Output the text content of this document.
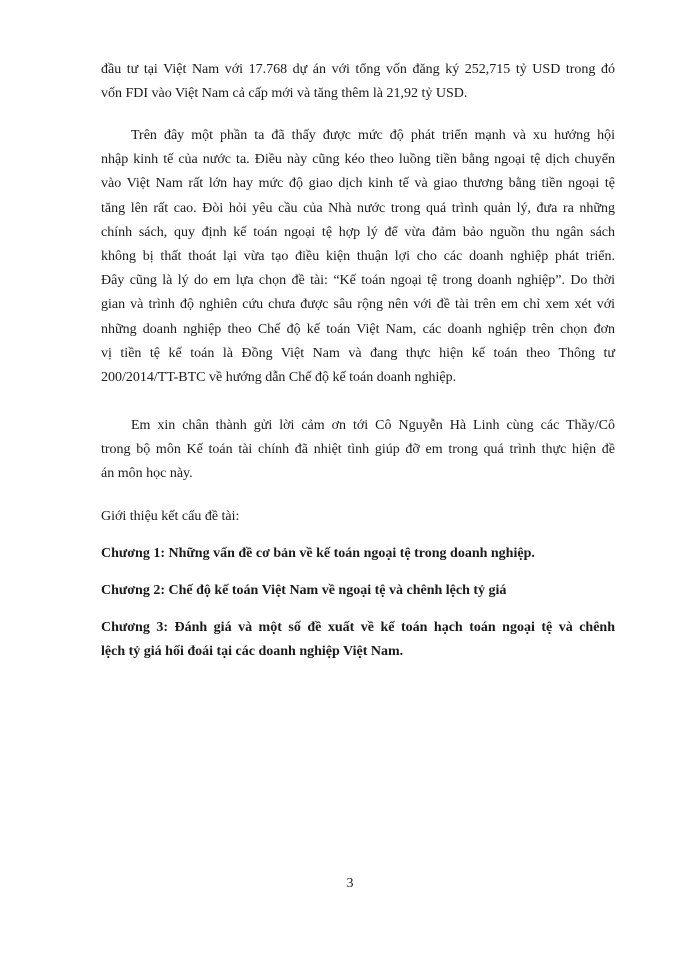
đầu tư tại Việt Nam với 17.768 dự án với tổng vốn đăng ký 252,715 tỷ USD trong đó
vốn FDI vào Việt Nam cả cấp mới và tăng thêm là 21,92 tỷ USD.
Trên đây một phần ta đã thấy được mức độ phát triển mạnh và xu hướng hội
nhập kinh tế của nước ta. Điều này cũng kéo theo luồng tiền bằng ngoại tệ dịch chuyển
vào Việt Nam rất lớn hay mức độ giao dịch kinh tế và giao thương bằng tiền ngoại tệ
tăng lên rất cao. Đòi hỏi yêu cầu của Nhà nước trong quá trình quản lý, đưa ra những
chính sách, quy định kế toán ngoại tệ hợp lý để vừa đảm bảo nguồn thu ngân sách
không bị thất thoát lại vừa tạo điều kiện thuận lợi cho các doanh nghiệp phát triển.
Đây cũng là lý do em lựa chọn đề tài: “Kế toán ngoại tệ trong doanh nghiệp”. Do thời
gian và trình độ nghiên cứu chưa được sâu rộng nên với đề tài trên em chỉ xem xét với
những doanh nghiệp theo Chế độ kế toán Việt Nam, các doanh nghiệp trên chọn đơn
vị tiền tệ kế toán là Đồng Việt Nam và đang thực hiện kế toán theo Thông tư
200/2014/TT-BTC về hướng dẫn Chế độ kế toán doanh nghiệp.
Em xin chân thành gửi lời cảm ơn tới Cô Nguyễn Hà Linh cùng các Thầy/Cô
trong bộ môn Kế toán tài chính đã nhiệt tình giúp đỡ em trong quá trình thực hiện đề
án môn học này.
Giới thiệu kết cấu đề tài:
Chương 1: Những vấn đề cơ bản về kế toán ngoại tệ trong doanh nghiệp.
Chương 2: Chế độ kế toán Việt Nam về ngoại tệ và chênh lệch tỷ giá
Chương 3: Đánh giá và một số đề xuất về kế toán hạch toán ngoại tệ và chênh
lệch tỷ giá hối đoái tại các doanh nghiệp Việt Nam.
3
